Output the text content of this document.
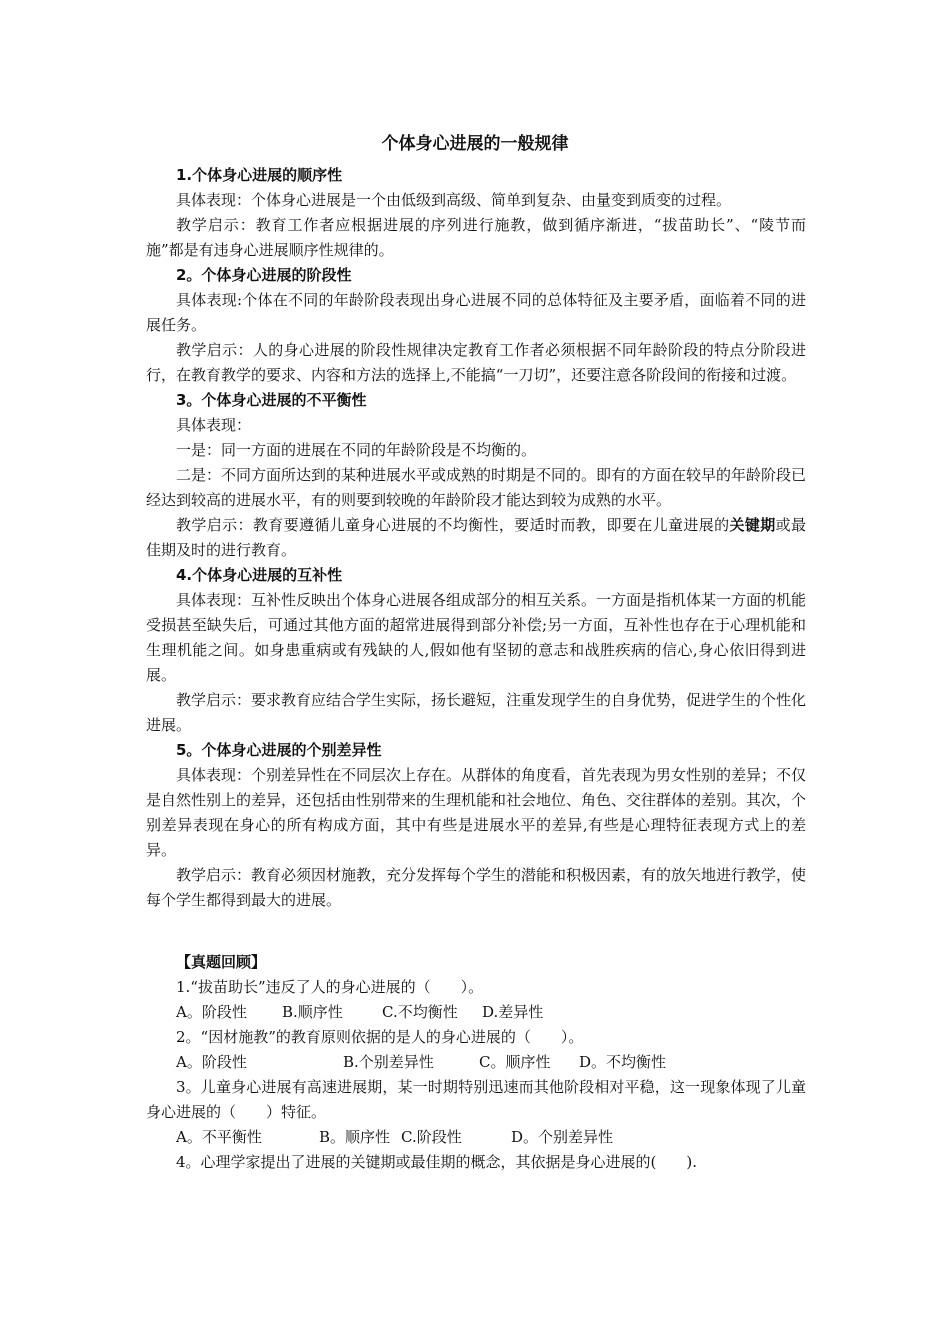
个体身心进展的一般规律
1.个体身心进展的顺序性

具体表现：个体身心进展是一个由低级到高级、简单到复杂、由量变到质变的过程。

教学启示：教育工作者应根据进展的序列进行施教，做到循序渐进，“拔苗助长”、“陵节而施”都是有违身心进展顺序性规律的。

2。个体身心进展的阶段性

具体表现:个体在不同的年龄阶段表现出身心进展不同的总体特征及主要矛盾，面临着不同的进展任务。

教学启示：人的身心进展的阶段性规律决定教育工作者必须根据不同年龄阶段的特点分阶段进行，在教育教学的要求、内容和方法的选择上,不能搞“一刀切”，还要注意各阶段间的衔接和过渡。

3。个体身心进展的不平衡性

具体表现：

一是：同一方面的进展在不同的年龄阶段是不均衡的。

二是：不同方面所达到的某种进展水平或成熟的时期是不同的。即有的方面在较早的年龄阶段已经达到较高的进展水平，有的则要到较晚的年龄阶段才能达到较为成熟的水平。

教学启示：教育要遵循儿童身心进展的不均衡性，要适时而教，即要在儿童进展的关键期或最佳期及时的进行教育。

4.个体身心进展的互补性

具体表现：互补性反映出个体身心进展各组成部分的相互关系。一方面是指机体某一方面的机能受损甚至缺失后，可通过其他方面的超常进展得到部分补偿;另一方面，互补性也存在于心理机能和生理机能之间。如身患重病或有残缺的人,假如他有坚韧的意志和战胜疾病的信心,身心依旧得到进展。

教学启示：要求教育应结合学生实际，扬长避短，注重发现学生的自身优势，促进学生的个性化进展。

5。个体身心进展的个别差异性

具体表现：个别差异性在不同层次上存在。从群体的角度看，首先表现为男女性别的差异；不仅是自然性别上的差异，还包括由性别带来的生理机能和社会地位、角色、交往群体的差别。其次，个别差异表现在身心的所有构成方面，其中有些是进展水平的差异,有些是心理特征表现方式上的差异。

教学启示：教育必须因材施教，充分发挥每个学生的潜能和积极因素，有的放矢地进行教学，使每个学生都得到最大的进展。

【真题回顾】

1.“拔苗助长”违反了人的身心进展的（　　）。

A。阶段性 B.顺序性	C.不均衡性 D.差异性

2。“因材施教”的教育原则依据的是人的身心进展的（　　）。

A。阶段性	B.个别差异性	C。顺序性 D。不均衡性

3。儿童身心进展有高速进展期，某一时期特别迅速而其他阶段相对平稳，这一现象体现了儿童身心进展的（　　）特征。

A。不平衡性	B。顺序性 C.阶段性	D。个别差异性

4。心理学家提出了进展的关键期或最佳期的概念，其依据是身心进展的(　　).
